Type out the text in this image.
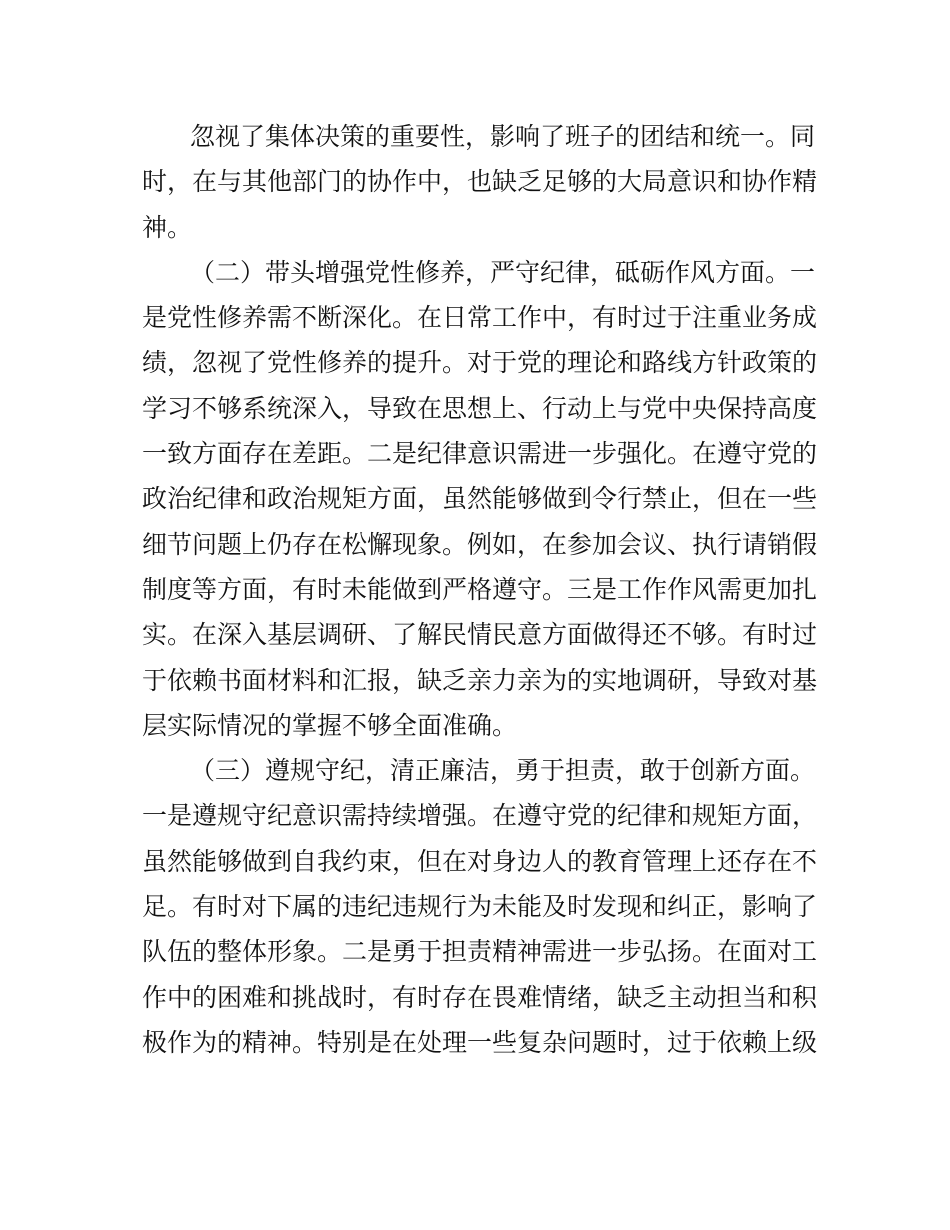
忽视了集体决策的重要性，影响了班子的团结和统一。同
时，在与其他部门的协作中，也缺乏足够的大局意识和协作精
神。
（二）带头增强党性修养，严守纪律，砥砺作风方面。一
是党性修养需不断深化。在日常工作中，有时过于注重业务成
绩，忽视了党性修养的提升。对于党的理论和路线方针政策的
学习不够系统深入，导致在思想上、行动上与党中央保持高度
一致方面存在差距。二是纪律意识需进一步强化。在遵守党的
政治纪律和政治规矩方面，虽然能够做到令行禁止，但在一些
细节问题上仍存在松懈现象。例如，在参加会议、执行请销假
制度等方面，有时未能做到严格遵守。三是工作作风需更加扎
实。在深入基层调研、了解民情民意方面做得还不够。有时过
于依赖书面材料和汇报，缺乏亲力亲为的实地调研，导致对基
层实际情况的掌握不够全面准确。
（三）遵规守纪，清正廉洁，勇于担责，敢于创新方面。
一是遵规守纪意识需持续增强。在遵守党的纪律和规矩方面，
虽然能够做到自我约束，但在对身边人的教育管理上还存在不
足。有时对下属的违纪违规行为未能及时发现和纠正，影响了
队伍的整体形象。二是勇于担责精神需进一步弘扬。在面对工
作中的困难和挑战时，有时存在畏难情绪，缺乏主动担当和积
极作为的精神。特别是在处理一些复杂问题时，过于依赖上级
